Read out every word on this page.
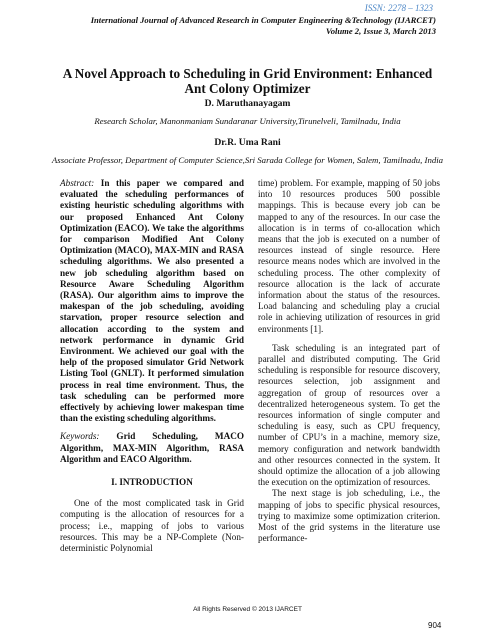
ISSN: 2278 – 1323
International Journal of Advanced Research in Computer Engineering &Technology (IJARCET)
Volume 2, Issue 3, March 2013
A Novel Approach to Scheduling in Grid Environment: Enhanced
Ant Colony Optimizer
D. Maruthanayagam
Research Scholar, Manonmaniam Sundaranar University,Tirunelveli, Tamilnadu, India
Dr.R. Uma Rani
Associate Professor, Department of Computer Science,Sri Sarada College for Women, Salem, Tamilnadu, India

Abstract: In this paper we compared and evaluated the scheduling performances of existing heuristic scheduling algorithms with our proposed Enhanced Ant Colony Optimization (EACO). We take the algorithms for comparison Modified Ant Colony Optimization (MACO), MAX-MIN and RASA scheduling algorithms. We also presented a new job scheduling algorithm based on Resource Aware Scheduling Algorithm (RASA). Our algorithm aims to improve the makespan of the job scheduling, avoiding starvation, proper resource selection and allocation according to the system and network performance in dynamic Grid Environment. We achieved our goal with the help of the proposed simulator Grid Network Listing Tool (GNLT). It performed simulation process in real time environment. Thus, the task scheduling can be performed more effectively by achieving lower makespan time than the existing scheduling algorithms.

Keywords: Grid Scheduling, MACO Algorithm, MAX-MIN Algorithm, RASA Algorithm and EACO Algorithm.

I. INTRODUCTION

One of the most complicated task in Grid computing is the allocation of resources for a process; i.e., mapping of jobs to various resources. This may be a NP-Complete (Non-deterministic Polynomial

time) problem. For example, mapping of 50 jobs into 10 resources produces 500 possible mappings. This is because every job can be mapped to any of the resources. In our case the allocation is in terms of co-allocation which means that the job is executed on a number of resources instead of single resource. Here resource means nodes which are involved in the scheduling process. The other complexity of resource allocation is the lack of accurate information about the status of the resources. Load balancing and scheduling play a crucial role in achieving utilization of resources in grid environments [1].

Task scheduling is an integrated part of parallel and distributed computing. The Grid scheduling is responsible for resource discovery, resources selection, job assignment and aggregation of group of resources over a decentralized heterogeneous system. To get the resources information of single computer and scheduling is easy, such as CPU frequency, number of CPU’s in a machine, memory size, memory configuration and network bandwidth and other resources connected in the system. It should optimize the allocation of a job allowing the execution on the optimization of resources.

The next stage is job scheduling, i.e., the mapping of jobs to specific physical resources, trying to maximize some optimization criterion. Most of the grid systems in the literature use performance-

All Rights Reserved © 2013 IJARCET
904
